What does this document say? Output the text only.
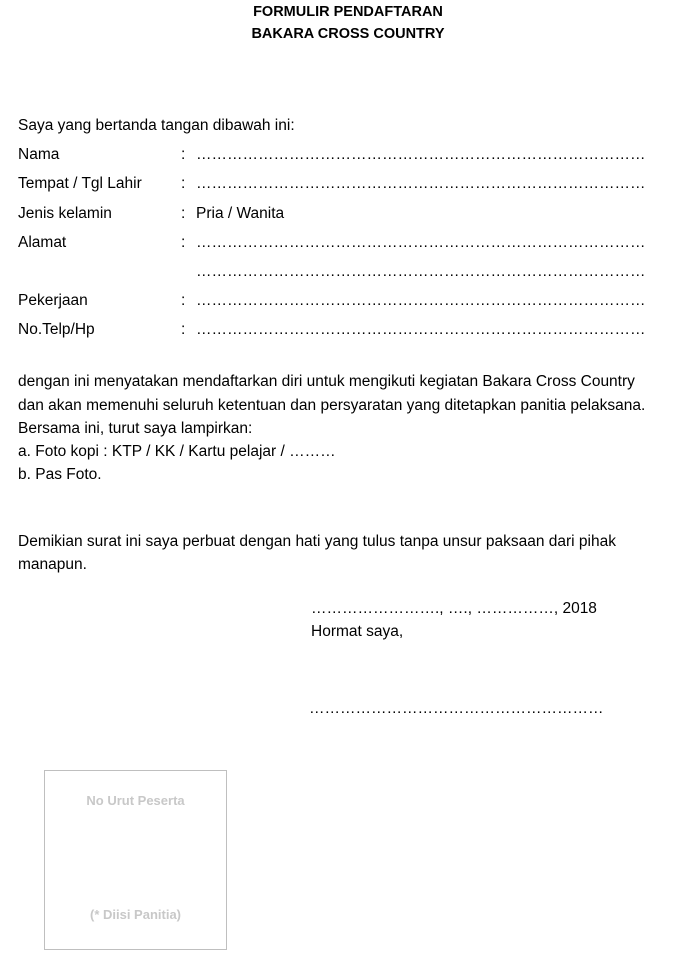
FORMULIR PENDAFTARAN
BAKARA CROSS COUNTRY
Saya yang bertanda tangan dibawah ini:
Nama	: ……………………………………………………………………………
Tempat / Tgl Lahir	: ……………………………………………………………………………
Jenis kelamin	: Pria / Wanita
Alamat	: ……………………………………………………………………………
……………………………………………………………………………
Pekerjaan	: ……………………………………………………………………………
No.Telp/Hp	: ……………………………………………………………………………
dengan ini menyatakan mendaftarkan diri untuk mengikuti kegiatan Bakara Cross Country
dan akan memenuhi seluruh ketentuan dan persyaratan yang ditetapkan panitia pelaksana.
Bersama ini, turut saya lampirkan:
a. Foto kopi : KTP / KK / Kartu pelajar / ………
b. Pas Foto.
Demikian surat ini saya perbuat dengan hati yang tulus tanpa unsur paksaan dari pihak
manapun.
……………………., …., ……………, 2018
Hormat saya,
…………………………………………………
No Urut Peserta
(* Diisi Panitia)
